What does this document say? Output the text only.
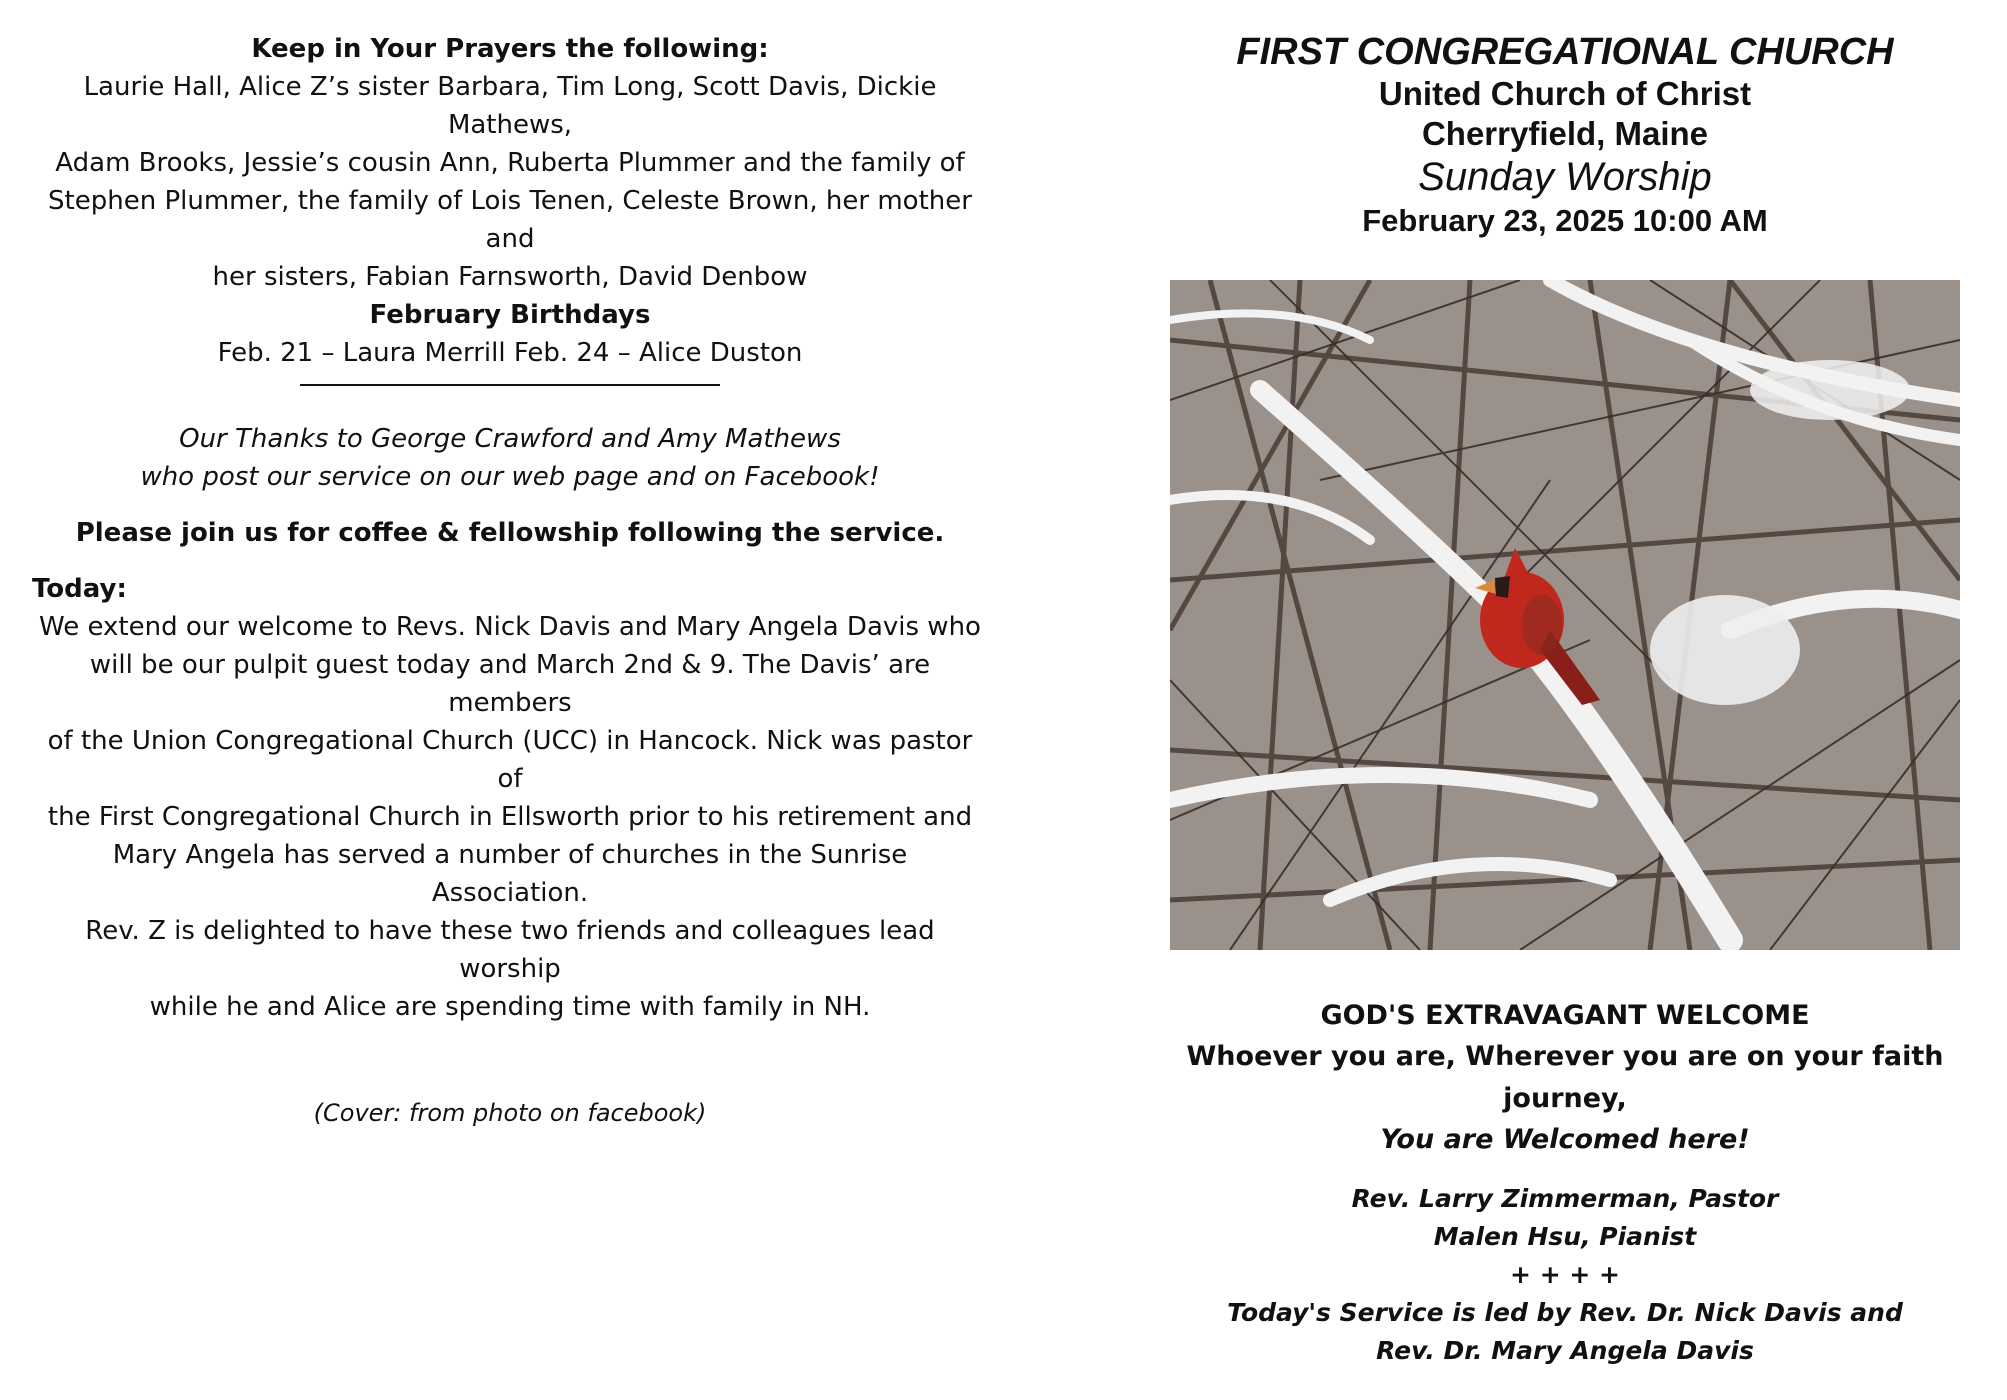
Keep in Your Prayers the following:
Laurie Hall, Alice Z’s sister Barbara, Tim Long, Scott Davis, Dickie Mathews,
Adam Brooks, Jessie’s cousin Ann, Ruberta Plummer and the family of
Stephen Plummer, the family of Lois Tenen, Celeste Brown, her mother and
her sisters, Fabian Farnsworth, David Denbow
February Birthdays
Feb. 21 – Laura Merrill Feb. 24 – Alice Duston
Our Thanks to George Crawford and Amy Mathews
who post our service on our web page and on Facebook!
Please join us for coffee & fellowship following the service.
Today:

We extend our welcome to Revs. Nick Davis and Mary Angela Davis who

will be our pulpit guest today and March 2nd & 9. The Davis’ are members

of the Union Congregational Church (UCC) in Hancock. Nick was pastor of

the First Congregational Church in Ellsworth prior to his retirement and

Mary Angela has served a number of churches in the Sunrise Association.

Rev. Z is delighted to have these two friends and colleagues lead worship

while he and Alice are spending time with family in NH.

(Cover: from photo on facebook)
FIRST CONGREGATIONAL CHURCH
United Church of Christ
Cherryfield, Maine
Sunday Worship
February 23, 2025 10:00 AM
GOD'S EXTRAVAGANT WELCOME
Whoever you are, Wherever you are on your faith journey,
You are Welcomed here!
Rev. Larry Zimmerman, Pastor
Malen Hsu, Pianist
+ + + +
Today's Service is led by Rev. Dr. Nick Davis and
Rev. Dr. Mary Angela Davis
